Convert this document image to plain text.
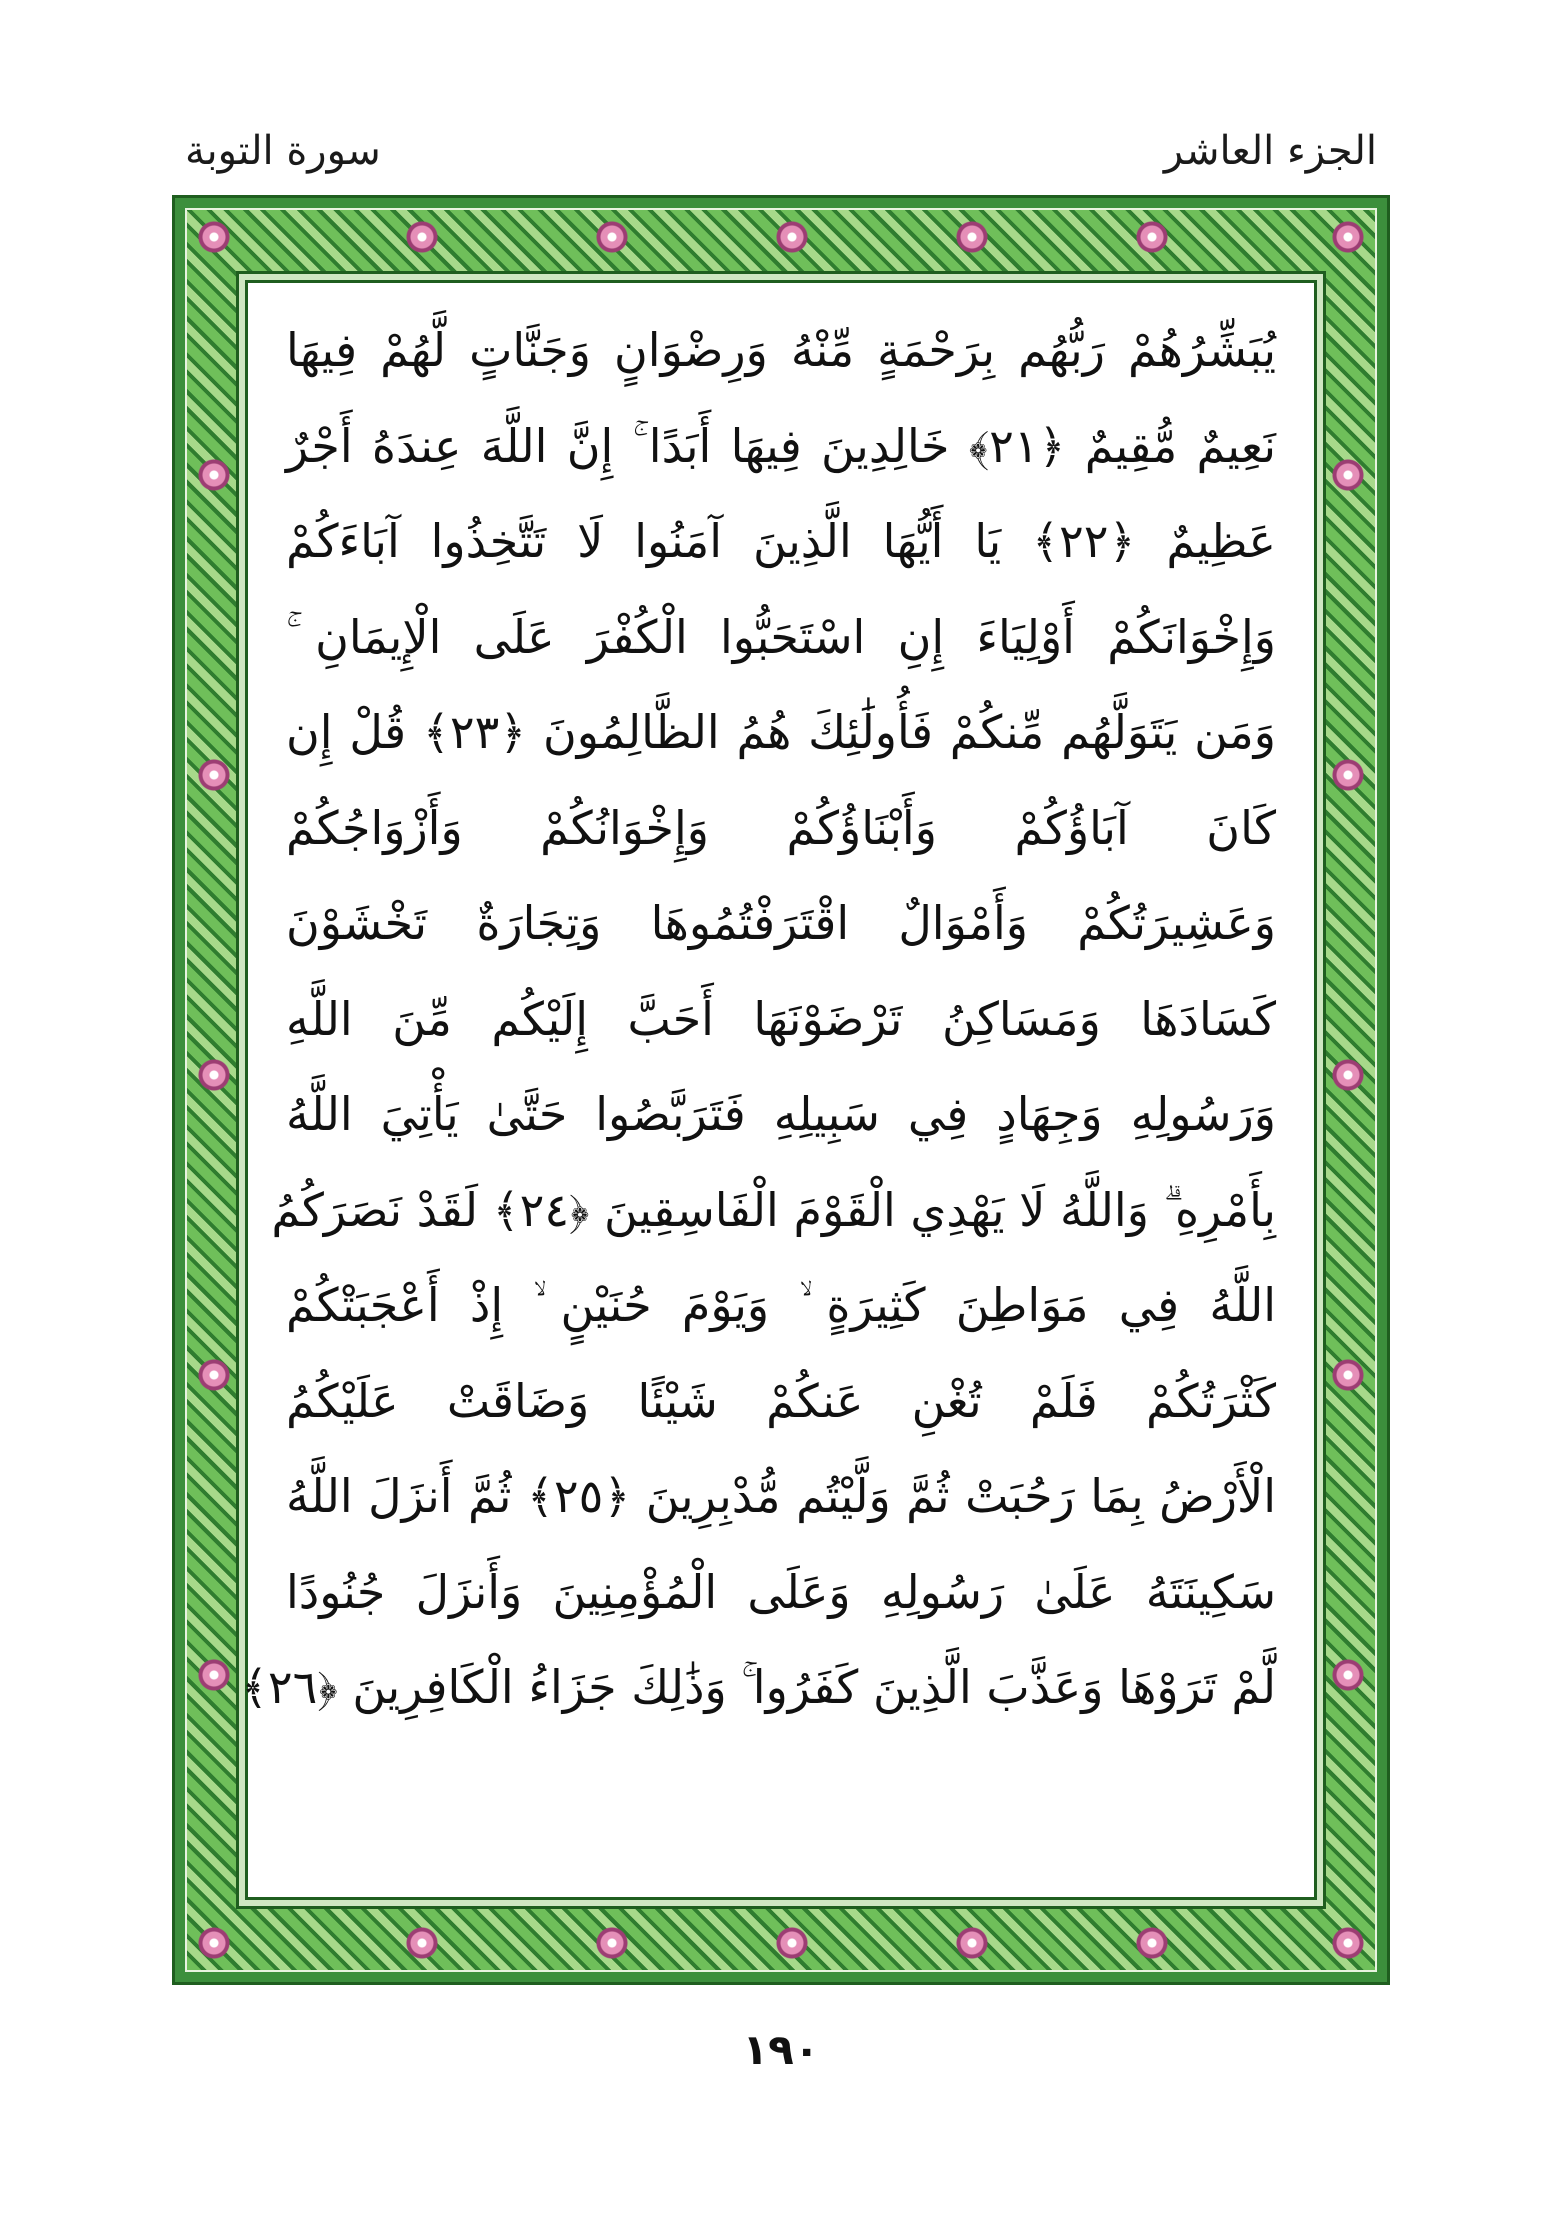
سورة التوبة	الجزء العاشر
يُبَشِّرُهُمْ رَبُّهُم بِرَحْمَةٍ مِّنْهُ وَرِضْوَانٍ وَجَنَّاتٍ لَّهُمْ فِيهَا
نَعِيمٌ مُّقِيمٌ ﴿٢١﴾ خَالِدِينَ فِيهَا أَبَدًا ۚ إِنَّ اللَّهَ عِندَهُ أَجْرٌ
عَظِيمٌ ﴿٢٢﴾ يَا أَيُّهَا الَّذِينَ آمَنُوا لَا تَتَّخِذُوا آبَاءَكُمْ
وَإِخْوَانَكُمْ أَوْلِيَاءَ إِنِ اسْتَحَبُّوا الْكُفْرَ عَلَى الْإِيمَانِ ۚ
وَمَن يَتَوَلَّهُم مِّنكُمْ فَأُولَٰئِكَ هُمُ الظَّالِمُونَ ﴿٢٣﴾ قُلْ إِن
كَانَ آبَاؤُكُمْ وَأَبْنَاؤُكُمْ وَإِخْوَانُكُمْ وَأَزْوَاجُكُمْ
وَعَشِيرَتُكُمْ وَأَمْوَالٌ اقْتَرَفْتُمُوهَا وَتِجَارَةٌ تَخْشَوْنَ
كَسَادَهَا وَمَسَاكِنُ تَرْضَوْنَهَا أَحَبَّ إِلَيْكُم مِّنَ اللَّهِ
وَرَسُولِهِ وَجِهَادٍ فِي سَبِيلِهِ فَتَرَبَّصُوا حَتَّىٰ يَأْتِيَ اللَّهُ
بِأَمْرِهِ ۗ وَاللَّهُ لَا يَهْدِي الْقَوْمَ الْفَاسِقِينَ ﴿٢٤﴾ لَقَدْ نَصَرَكُمُ
اللَّهُ فِي مَوَاطِنَ كَثِيرَةٍ ۙ وَيَوْمَ حُنَيْنٍ ۙ إِذْ أَعْجَبَتْكُمْ
كَثْرَتُكُمْ فَلَمْ تُغْنِ عَنكُمْ شَيْئًا وَضَاقَتْ عَلَيْكُمُ
الْأَرْضُ بِمَا رَحُبَتْ ثُمَّ وَلَّيْتُم مُّدْبِرِينَ ﴿٢٥﴾ ثُمَّ أَنزَلَ اللَّهُ
سَكِينَتَهُ عَلَىٰ رَسُولِهِ وَعَلَى الْمُؤْمِنِينَ وَأَنزَلَ جُنُودًا
لَّمْ تَرَوْهَا وَعَذَّبَ الَّذِينَ كَفَرُوا ۚ وَذَٰلِكَ جَزَاءُ الْكَافِرِينَ ﴿٢٦﴾
١٩٠
